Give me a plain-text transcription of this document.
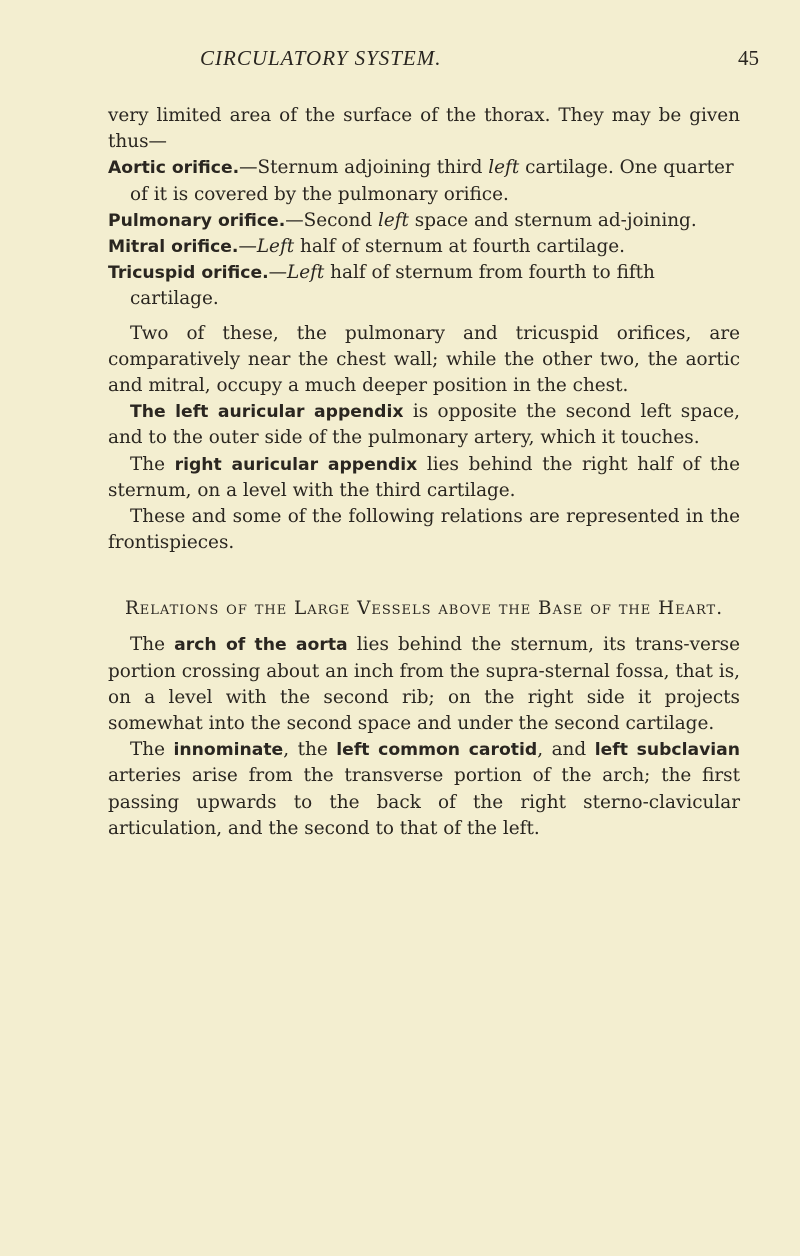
CIRCULATORY SYSTEM.	45

very limited area of the surface of the thorax. They may be given thus—

Aortic orifice.—Sternum adjoining third left cartilage. One quarter of it is covered by the pulmonary orifice.

Pulmonary orifice.—Second left space and sternum ad-joining.

Mitral orifice.—Left half of sternum at fourth cartilage.

Tricuspid orifice.—Left half of sternum from fourth to fifth cartilage.

Two of these, the pulmonary and tricuspid orifices, are comparatively near the chest wall; while the other two, the aortic and mitral, occupy a much deeper position in the chest.

The left auricular appendix is opposite the second left space, and to the outer side of the pulmonary artery, which it touches.

The right auricular appendix lies behind the right half of the sternum, on a level with the third cartilage.

These and some of the following relations are represented in the frontispieces.

Relations of the Large Vessels above the Base of the Heart.

The arch of the aorta lies behind the sternum, its trans-verse portion crossing about an inch from the supra-sternal fossa, that is, on a level with the second rib; on the right side it projects somewhat into the second space and under the second cartilage.

The innominate, the left common carotid, and left subclavian arteries arise from the transverse portion of the arch; the first passing upwards to the back of the right sterno-clavicular articulation, and the second to that of the left.
